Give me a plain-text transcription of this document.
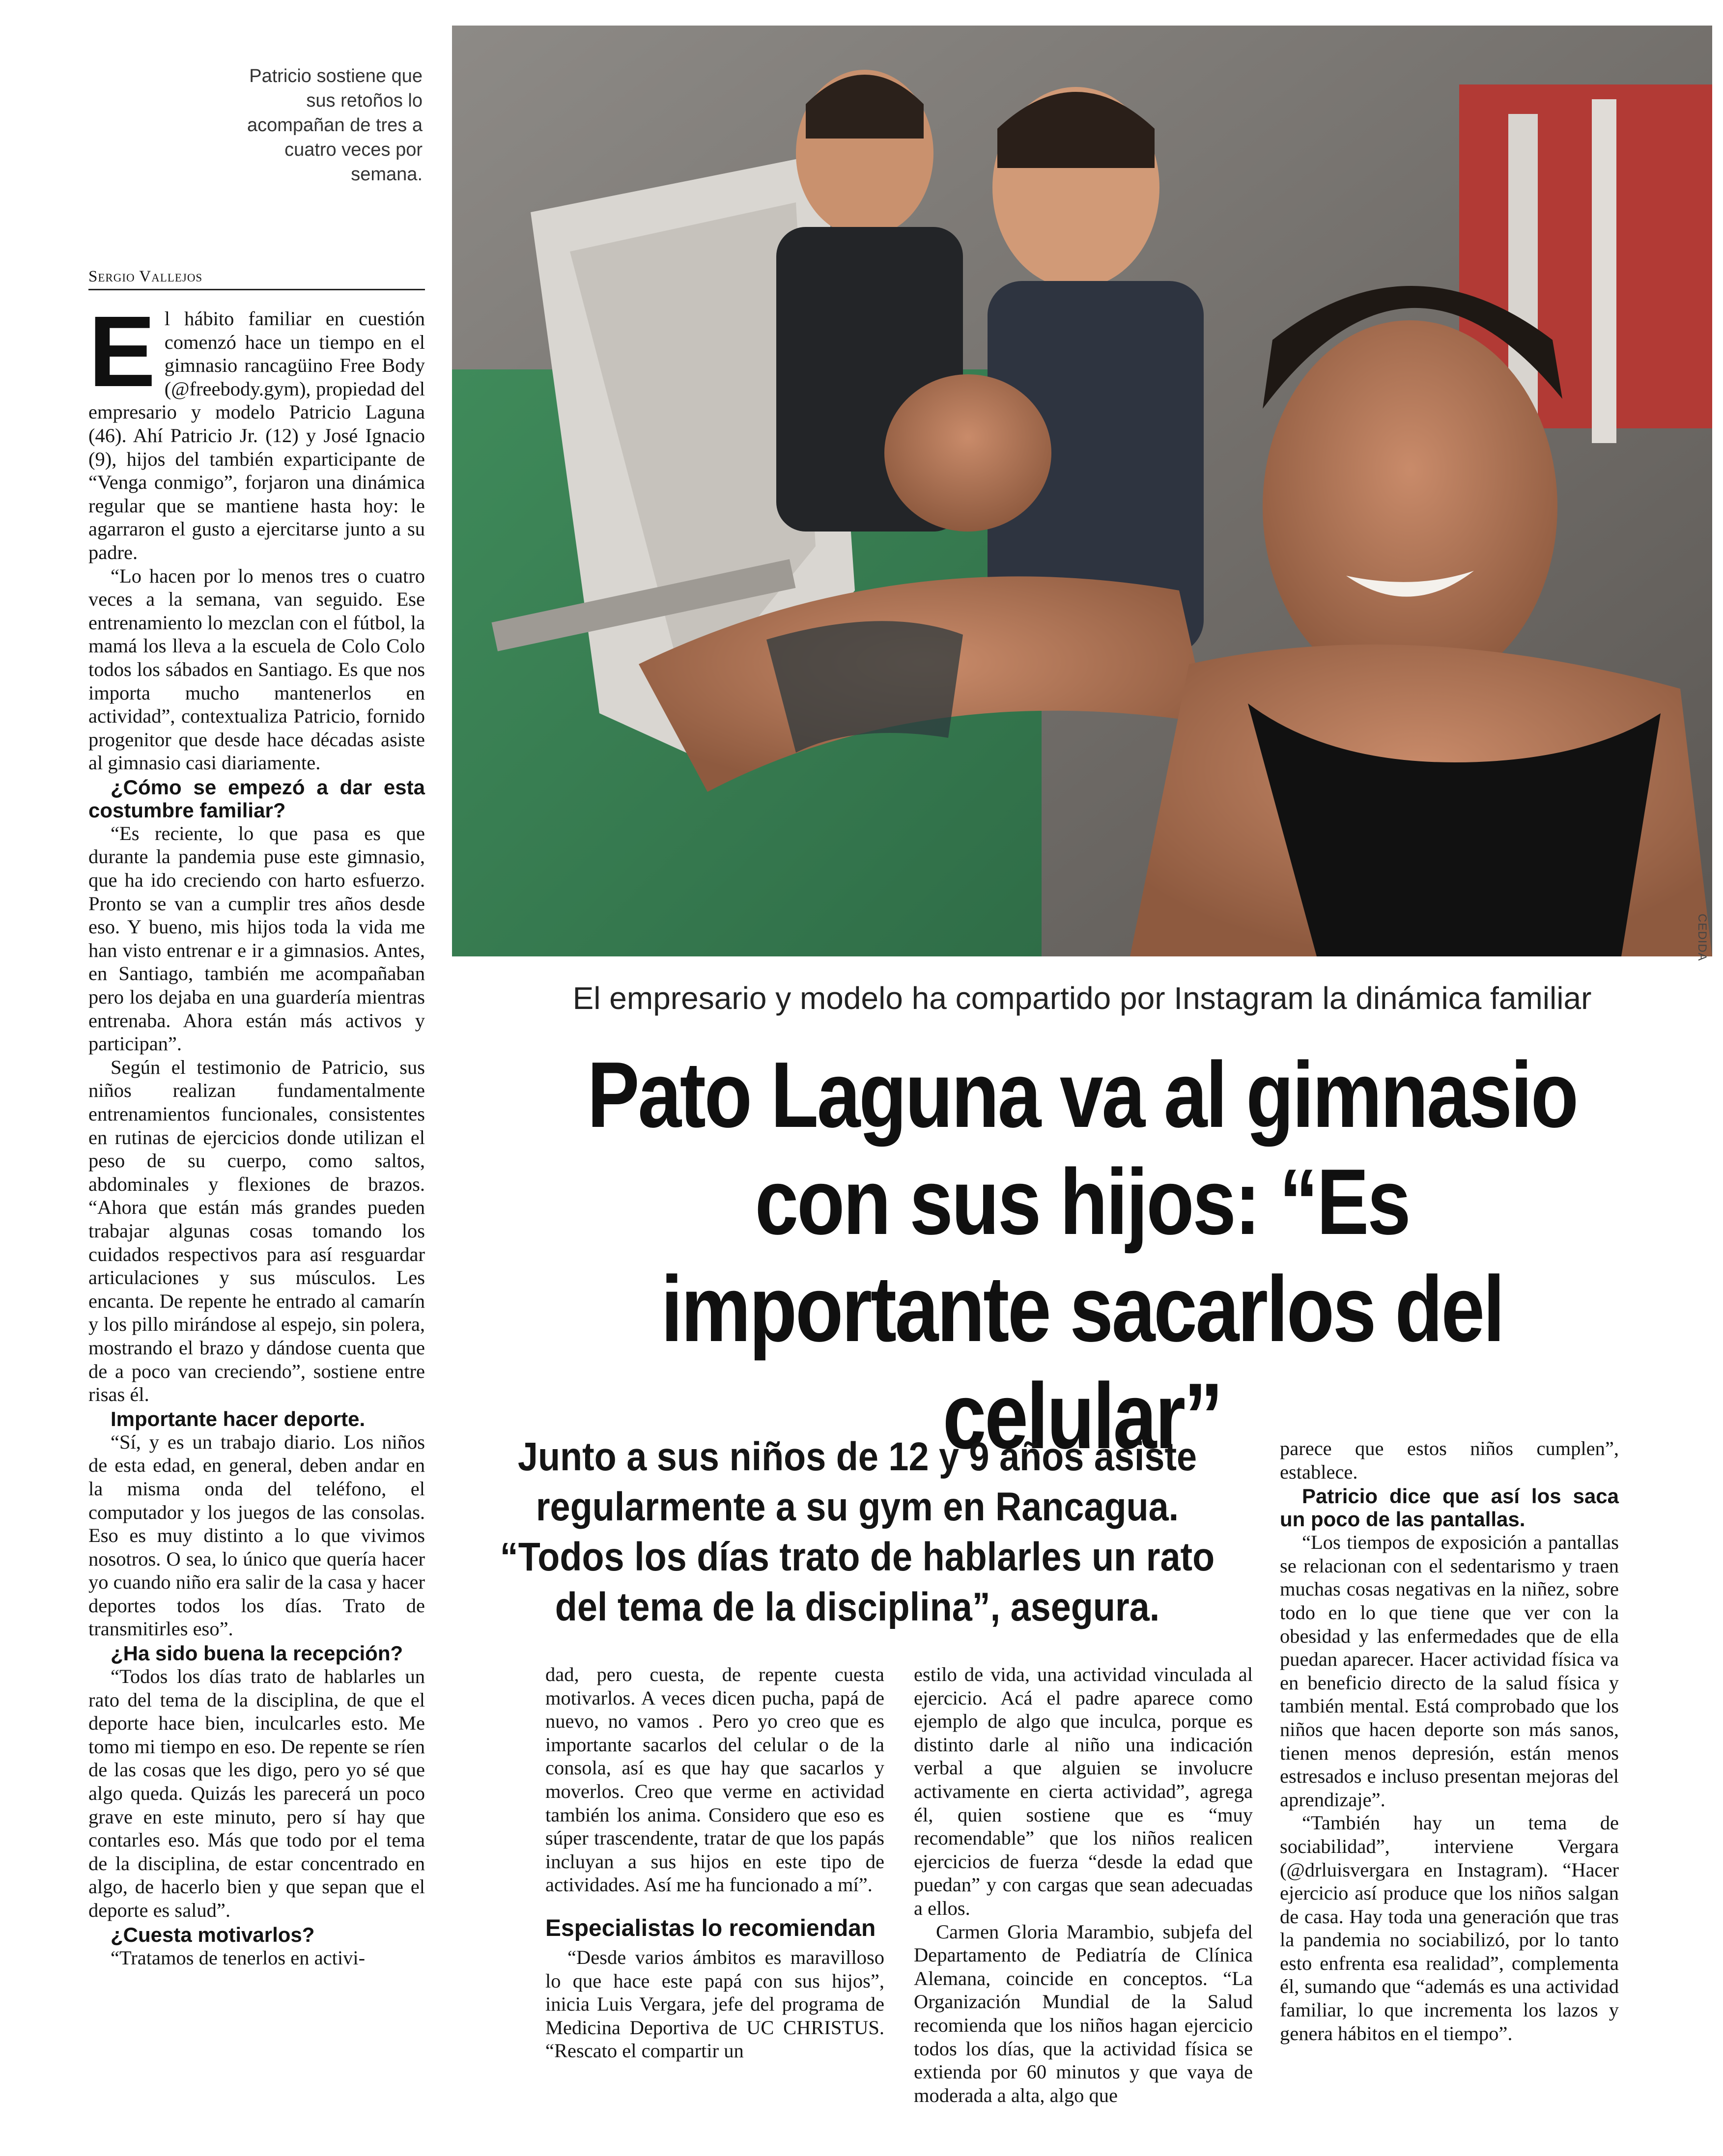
Patricio sostiene que sus retoños lo acompañan de tres a cuatro veces por semana.
Sergio Vallejos
CEDIDA
El empresario y modelo ha compartido por Instagram la dinámica familiar
Pato Laguna va al gimnasio con sus hijos: “Es importante sacarlos del celular”
Junto a sus niños de 12 y 9 años asiste regularmente a su gym en Rancagua. “Todos los días trato de hablarles un rato del tema de la disciplina”, asegura.
E l hábito familiar en cuestión comenzó hace un tiempo en el gimnasio rancagüino Free Body (@freebody.gym), propiedad del empresario y modelo Patricio Laguna (46). Ahí Patricio Jr. (12) y José Ignacio (9), hijos del también exparticipante de “Venga conmigo”, forjaron una dinámica regular que se mantiene hasta hoy: le agarraron el gusto a ejercitarse junto a su padre.

“Lo hacen por lo menos tres o cuatro veces a la semana, van seguido. Ese entrenamiento lo mezclan con el fútbol, la mamá los lleva a la escuela de Colo Colo todos los sábados en Santiago. Es que nos importa mucho mantenerlos en actividad”, contextualiza Patricio, fornido progenitor que desde hace décadas asiste al gimnasio casi diariamente.

¿Cómo se empezó a dar esta costumbre familiar?

“Es reciente, lo que pasa es que durante la pandemia puse este gimnasio, que ha ido creciendo con harto esfuerzo. Pronto se van a cumplir tres años desde eso. Y bueno, mis hijos toda la vida me han visto entrenar e ir a gimnasios. Antes, en Santiago, también me acompañaban pero los dejaba en una guardería mientras entrenaba. Ahora están más activos y participan”.

Según el testimonio de Patricio, sus niños realizan fundamentalmente entrenamientos funcionales, consistentes en rutinas de ejercicios donde utilizan el peso de su cuerpo, como saltos, abdominales y flexiones de brazos. “Ahora que están más grandes pueden trabajar algunas cosas tomando los cuidados respectivos para así resguardar articulaciones y sus músculos. Les encanta. De repente he entrado al camarín y los pillo mirándose al espejo, sin polera, mostrando el brazo y dándose cuenta que de a poco van creciendo”, sostiene entre risas él.

Importante hacer deporte.

“Sí, y es un trabajo diario. Los niños de esta edad, en general, deben andar en la misma onda del teléfono, el computador y los juegos de las consolas. Eso es muy distinto a lo que vivimos nosotros. O sea, lo único que quería hacer yo cuando niño era salir de la casa y hacer deportes todos los días. Trato de transmitirles eso”.

¿Ha sido buena la recepción?

“Todos los días trato de hablarles un rato del tema de la disciplina, de que el deporte hace bien, inculcarles esto. Me tomo mi tiempo en eso. De repente se ríen de las cosas que les digo, pero yo sé que algo queda. Quizás les parecerá un poco grave en este minuto, pero sí hay que contarles eso. Más que todo por el tema de la disciplina, de estar concentrado en algo, de hacerlo bien y que sepan que el deporte es salud”.

¿Cuesta motivarlos?

“Tratamos de tenerlos en activi-

dad, pero cuesta, de repente cuesta motivarlos. A veces dicen pucha, papá de nuevo, no vamos . Pero yo creo que es importante sacarlos del celular o de la consola, así es que hay que sacarlos y moverlos. Creo que verme en actividad también los anima. Considero que eso es súper trascendente, tratar de que los papás incluyan a sus hijos en este tipo de actividades. Así me ha funcionado a mí”.

Especialistas lo recomiendan

“Desde varios ámbitos es maravilloso lo que hace este papá con sus hijos”, inicia Luis Vergara, jefe del programa de Medicina Deportiva de UC CHRISTUS. “Rescato el compartir un

estilo de vida, una actividad vinculada al ejercicio. Acá el padre aparece como ejemplo de algo que inculca, porque es distinto darle al niño una indicación verbal a que alguien se involucre activamente en cierta actividad”, agrega él, quien sostiene que es “muy recomendable” que los niños realicen ejercicios de fuerza “desde la edad que puedan” y con cargas que sean adecuadas a ellos.

Carmen Gloria Marambio, subjefa del Departamento de Pediatría de Clínica Alemana, coincide en conceptos. “La Organización Mundial de la Salud recomienda que los niños hagan ejercicio todos los días, que la actividad física se extienda por 60 minutos y que vaya de moderada a alta, algo que

parece que estos niños cumplen”, establece.

Patricio dice que así los saca un poco de las pantallas.

“Los tiempos de exposición a pantallas se relacionan con el sedentarismo y traen muchas cosas negativas en la niñez, sobre todo en lo que tiene que ver con la obesidad y las enfermedades que de ella puedan aparecer. Hacer actividad física va en beneficio directo de la salud física y también mental. Está comprobado que los niños que hacen deporte son más sanos, tienen menos depresión, están menos estresados e incluso presentan mejoras del aprendizaje”.

“También hay un tema de sociabilidad”, interviene Vergara (@drluisvergara en Instagram). “Hacer ejercicio así produce que los niños salgan de casa. Hay toda una generación que tras la pandemia no sociabilizó, por lo tanto esto enfrenta esa realidad”, complementa él, sumando que “además es una actividad familiar, lo que incrementa los lazos y genera hábitos en el tiempo”.
